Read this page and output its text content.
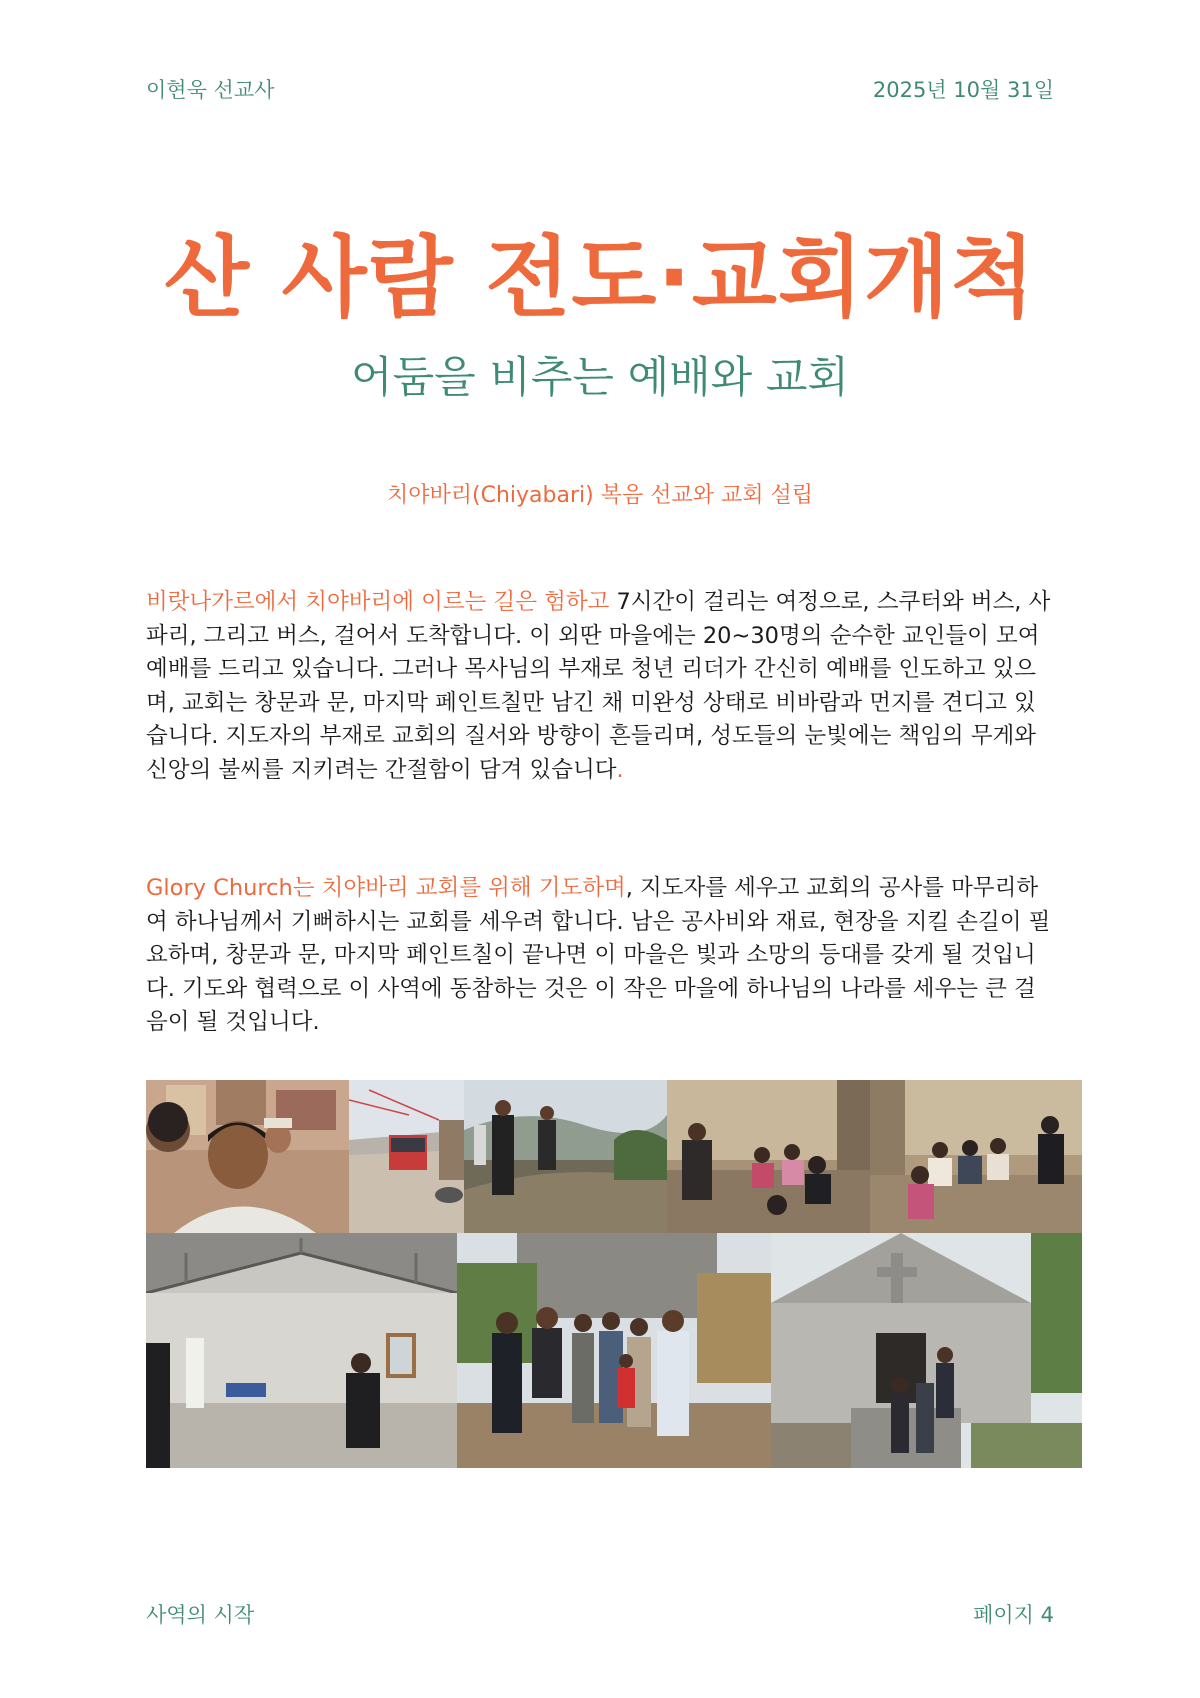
이현욱 선교사	2025년 10월 31일
산 사람 전도·교회개척
어둠을 비추는 예배와 교회
치야바리(Chiyabari) 복음 선교와 교회 설립

비랏나가르에서 치야바리에 이르는 길은 험하고 7시간이 걸리는 여정으로, 스쿠터와 버스, 사파리, 그리고 버스, 걸어서 도착합니다. 이 외딴 마을에는 20~30명의 순수한 교인들이 모여 예배를 드리고 있습니다. 그러나 목사님의 부재로 청년 리더가 간신히 예배를 인도하고 있으며, 교회는 창문과 문, 마지막 페인트칠만 남긴 채 미완성 상태로 비바람과 먼지를 견디고 있습니다. 지도자의 부재로 교회의 질서와 방향이 흔들리며, 성도들의 눈빛에는 책임의 무게와 신앙의 불씨를 지키려는 간절함이 담겨 있습니다.

Glory Church는 치야바리 교회를 위해 기도하며, 지도자를 세우고 교회의 공사를 마무리하여 하나님께서 기뻐하시는 교회를 세우려 합니다. 남은 공사비와 재료, 현장을 지킬 손길이 필요하며, 창문과 문, 마지막 페인트칠이 끝나면 이 마을은 빛과 소망의 등대를 갖게 될 것입니다. 기도와 협력으로 이 사역에 동참하는 것은 이 작은 마을에 하나님의 나라를 세우는 큰 걸음이 될 것입니다.

사역의 시작	페이지 4
